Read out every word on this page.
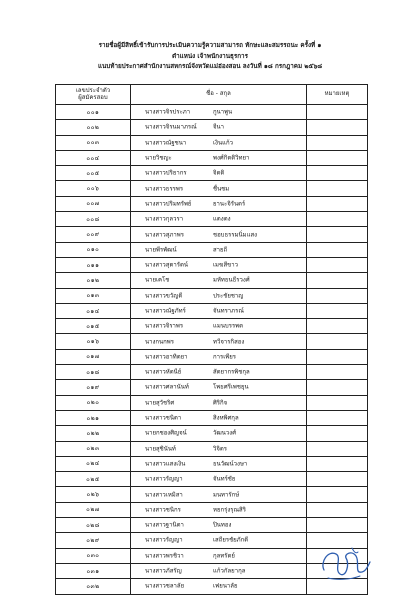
รายชื่อผู้มีสิทธิ์เข้ารับการประเมินความรู้ความสามารถ ทักษะและสมรรถนะ ครั้งที่ ๑
ตำแหน่ง เจ้าพนักงานธุรการ
แนบท้ายประกาศสำนักงานสหกรณ์จังหวัดแม่ฮ่องสอน ลงวันที่ ๑๘ กรกฎาคม ๒๕๖๘
เลขประจำตัว
ผู้สมัครสอบ	ชื่อ - สกุล	หมายเหตุ
๐๐๑	นางสาวจิรประภา กูนาพูน	

๐๐๒	นางสาวจิรนมาภรณ์ จีนา	

๐๐๓	นางสาวณัฐชนา เงินแก้ว	

๐๐๔	นายวิชญะ พงศ์กิตติวิทยา	

๐๐๕	นางสาวปริยากร จิตติ	

๐๐๖	นางสาวธรรพร ชื่นชม	

๐๐๗	นางสาวปริมทรัพย์ ยานะจิรันตร์	

๐๐๘	นางสาวกุลวรา แดงตง	

๐๐๙	นางสาวสุภาพร ชอบธรรมนิ่มแสง	

๐๑๐	นายพีรพัฒน์ สายถี	

๐๑๑	นางสาวสุดารัตน์ เมฆสีขาว	

๐๑๒	นายเคโช มหัทธนธีรวงศ์	

๐๑๓	นางสาวขวัญดี ประชัยชาญ	

๐๑๔	นางสาวณัฐภัทร์ จันทราภรณ์	

๐๑๕	นางสาวจิราพร แมนบรรพต	

๐๑๖	นางกนกพร ทวีจารกิสอง	

๐๑๗	นางสาวอาทิตยา การเพียร	

๐๑๘	นางสาวหัตนีย์ สัตยากรพิชกุล	

๐๑๙	นางสาวศลานันท์ โพธศรีเพชยุน	

๐๒๐	นายสุวัชริศ ศิริกิจ	

๐๒๑	นางสาวชนิดา สิงหพิศกุล	

๐๒๒	นายกชองศิญจน์ วัฒนวงศ์	

๐๒๓	นายสุชินันท์ วิจิตร	

๐๒๔	นางสาวแสงเงิน ธนวัฒน์วงษา	

๐๒๕	นางสาวรัญญา จันทร์ชัย	

๐๒๖	นางสาวเหมิสา มนทารักษ์	

๐๒๗	นางสาวชนิกร หยกรุ่งรุณสิริ	

๐๒๘	นางสาวฐานิตา ปินทอง	

๐๒๙	นางสาวรัญญา เสถียรชัยภักดี	

๐๓๐	นางสาวพรชิวา กุลทรัตย์	

๐๓๑	นางสาวภัสรัญ แก้วกัลยากุล	

๐๓๒	นางสาวชลาลัย เฟยนาลัย	
